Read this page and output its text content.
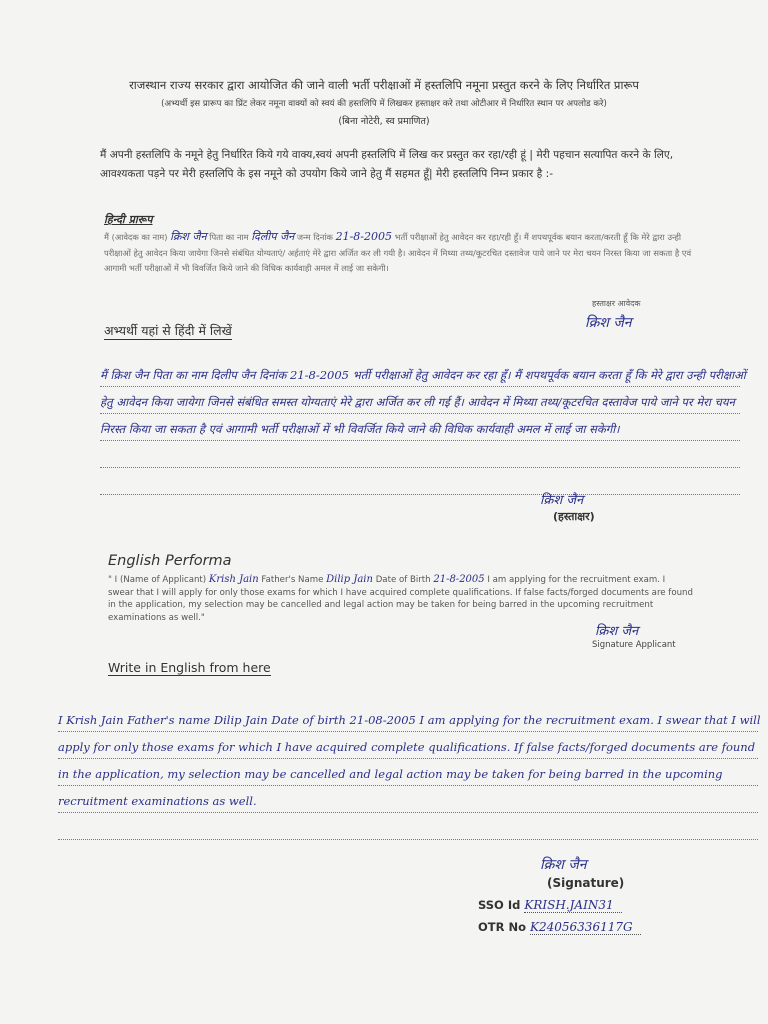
राजस्थान राज्य सरकार द्वारा आयोजित की जाने वाली भर्ती परीक्षाओं में हस्तलिपि नमूना प्रस्तुत करने के लिए निर्धारित प्रारूप
(अभ्यर्थी इस प्रारूप का प्रिंट लेकर नमूना वाक्यों को स्वयं की हस्तलिपि में लिखकर हस्ताक्षर करे तथा ओटीआर में निर्धारित स्थान पर अपलोड करे)
(बिना नोटेरी, स्व प्रमाणित)
मैं अपनी हस्तलिपि के नमूने हेतु निर्धारित किये गये वाक्य,स्वयं अपनी हस्तलिपि में लिख कर प्रस्तुत कर रहा/रही हूं | मेरी पहचान सत्यापित करने के लिए, आवश्यकता पड़ने पर मेरी हस्तलिपि के इस नमूने को उपयोग किये जाने हेतु मैं सहमत हूँ| मेरी हस्तलिपि निम्न प्रकार है :-
हिन्दी प्रारूप
मैं (आवेदक का नाम) क्रिश जैन पिता का नाम दिलीप जैन जन्म दिनांक 21-8-2005 भर्ती परीक्षाओं हेतु आवेदन कर रहा/रही हूँ। मैं शपथपूर्वक बयान करता/करती हूँ कि मेरे द्वारा उन्ही परीक्षाओं हेतु आवेदन किया जायेगा जिनसे संबंधित योग्यताएं/ अर्हताएं मेरे द्वारा अर्जित कर ली गयी है। आवेदन में मिथ्या तथ्य/कूटरचित दस्तावेज पाये जाने पर मेरा चयन निरस्त किया जा सकता है एवं आगामी भर्ती परीक्षाओं में भी विवर्जित किये जाने की विधिक कार्यवाही अमल में लाई जा सकेगी।
हस्ताक्षर आवेदक
क्रिश जैन
अभ्यर्थी यहां से हिंदी में लिखें
मैं क्रिश जैन पिता का नाम दिलीप जैन दिनांक 21-8-2005 भर्ती परीक्षाओं हेतु आवेदन कर रहा हूँ। मैं शपथपूर्वक बयान करता हूँ कि मेरे द्वारा उन्ही परीक्षाओं हेतु आवेदन किया जायेगा जिनसे संबंधित समस्त योग्यताएं मेरे द्वारा अर्जित कर ली गई हैं। आवेदन में मिथ्या तथ्य/कूटरचित दस्तावेज पाये जाने पर मेरा चयन निरस्त किया जा सकता है एवं आगामी भर्ती परीक्षाओं में भी विवर्जित किये जाने की विधिक कार्यवाही अमल में लाई जा सकेगी।
क्रिश जैन
(हस्ताक्षर)
English Performa
" I (Name of Applicant) Krish Jain Father's Name Dilip Jain Date of Birth 21-8-2005 I am applying for the recruitment exam. I swear that I will apply for only those exams for which I have acquired complete qualifications. If false facts/forged documents are found in the application, my selection may be cancelled and legal action may be taken for being barred in the upcoming recruitment examinations as well."
क्रिश जैन
Signature Applicant
Write in English from here
I Krish Jain Father's name Dilip Jain Date of birth 21-08-2005 I am applying for the recruitment exam. I swear that I will apply for only those exams for which I have acquired complete qualifications. If false facts/forged documents are found in the application, my selection may be cancelled and legal action may be taken for being barred in the upcoming recruitment examinations as well.
क्रिश जैन
(Signature)
SSO Id KRISH.JAIN31
OTR No K24056336117G
